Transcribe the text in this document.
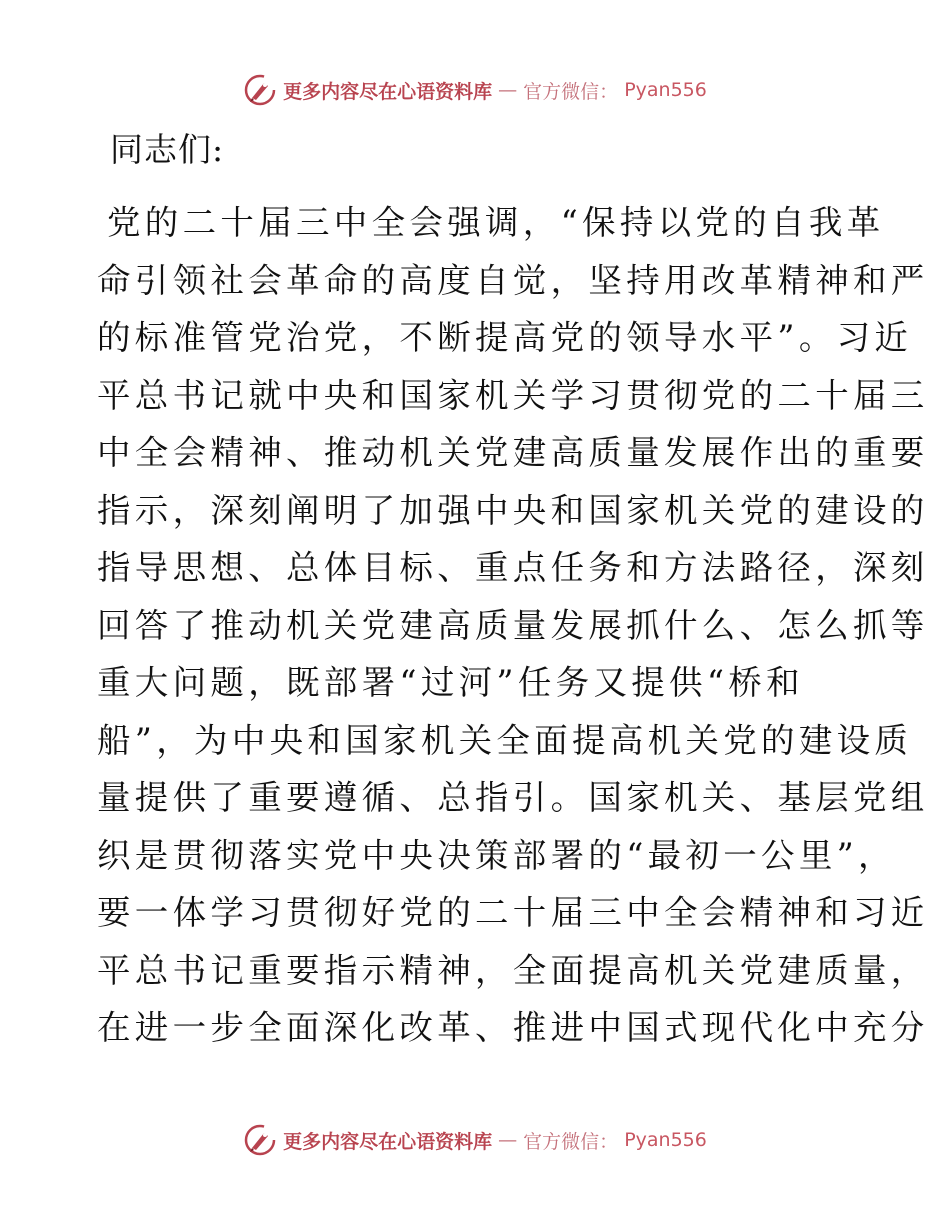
更多内容尽在心语资料库 — 官方微信： Pyan556
同志们:
党的二十届三中全会强调，“保持以党的自我革
命引领社会革命的高度自觉，坚持用改革精神和严
的标准管党治党，不断提高党的领导水平”。习近
平总书记就中央和国家机关学习贯彻党的二十届三
中全会精神、推动机关党建高质量发展作出的重要
指示，深刻阐明了加强中央和国家机关党的建设的
指导思想、总体目标、重点任务和方法路径，深刻
回答了推动机关党建高质量发展抓什么、怎么抓等
重大问题，既部署“过河”任务又提供“桥和
船”，为中央和国家机关全面提高机关党的建设质
量提供了重要遵循、总指引。国家机关、基层党组
织是贯彻落实党中央决策部署的“最初一公里”，
要一体学习贯彻好党的二十届三中全会精神和习近
平总书记重要指示精神，全面提高机关党建质量，
在进一步全面深化改革、推进中国式现代化中充分
更多内容尽在心语资料库 — 官方微信： Pyan556
